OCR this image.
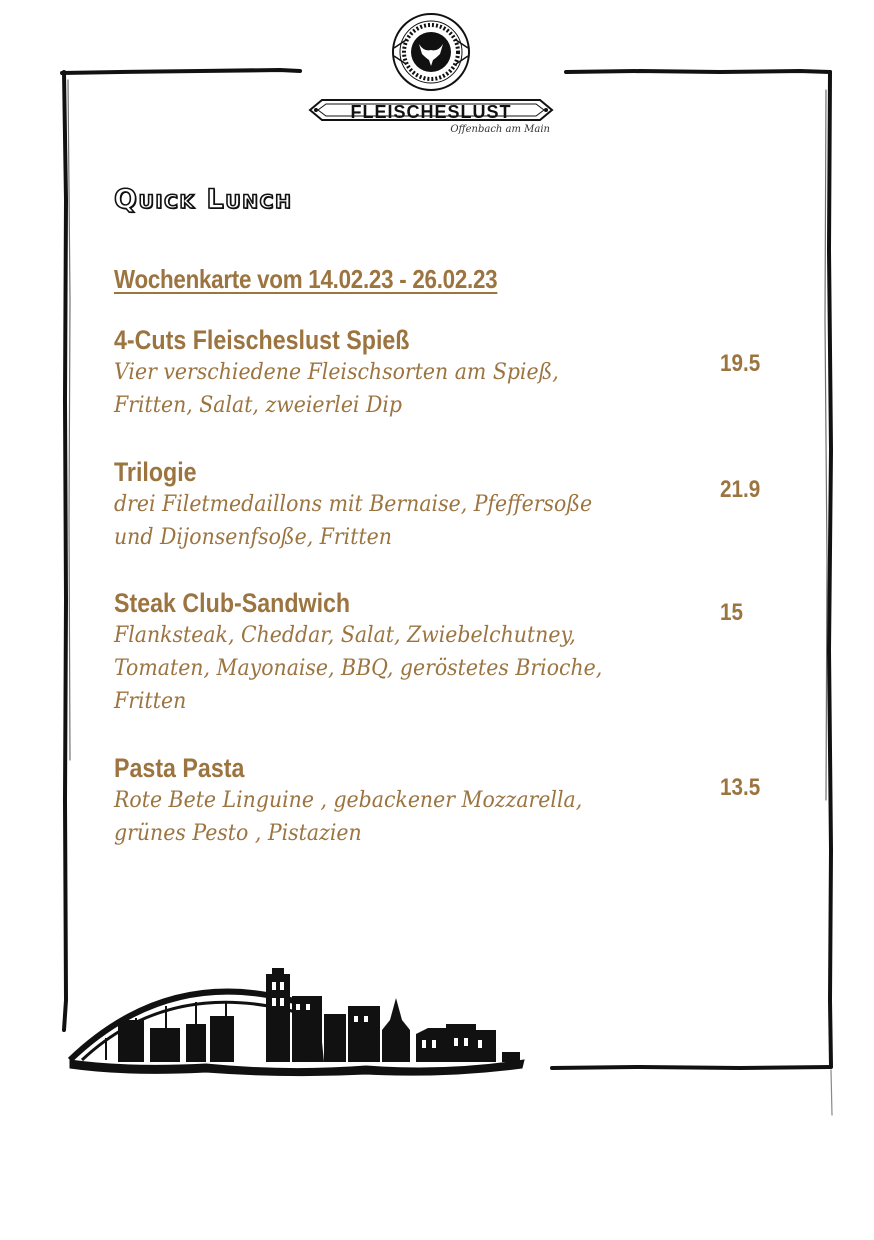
FLEISCHESLUST
Offenbach am Main
Quick Lunch
Wochenkarte vom 14.02.23 - 26.02.23
4-Cuts Fleischeslust Spieß
Vier verschiedene Fleischsorten am Spieß, Fritten, Salat, zweierlei Dip
19.5
Trilogie
drei Filetmedaillons mit Bernaise, Pfeffersoße und Dijonsenfsoße, Fritten
21.9
Steak Club-Sandwich
Flanksteak, Cheddar, Salat, Zwiebelchutney, Tomaten, Mayonaise, BBQ, geröstetes Brioche, Fritten
15
Pasta Pasta
Rote Bete Linguine , gebackener Mozzarella, grünes Pesto , Pistazien
13.5
